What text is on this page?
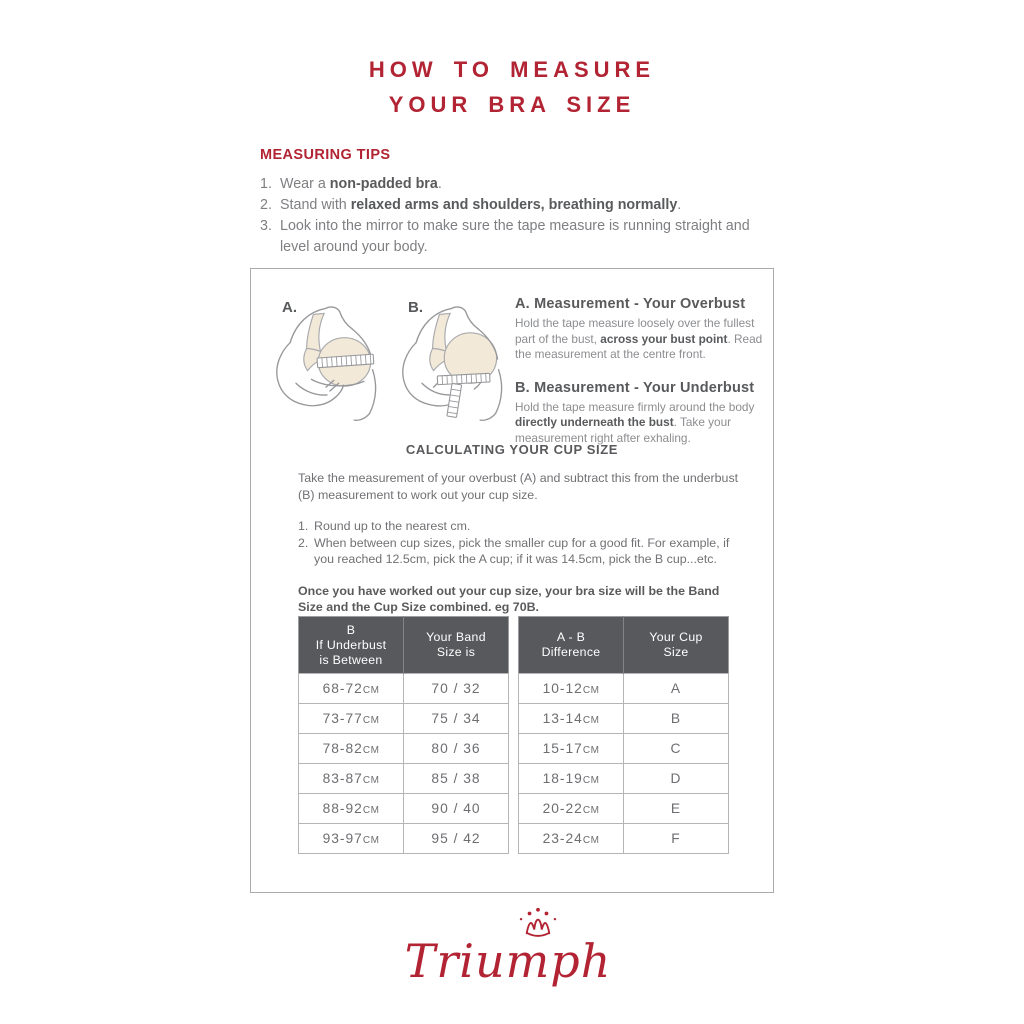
HOW TO MEASURE
YOUR BRA SIZE
MEASURING TIPS
1. Wear a non-padded bra.

2. Stand with relaxed arms and shoulders, breathing normally.

3. Look into the mirror to make sure the tape measure is running straight and level around your body.

A.	B.	A. Measurement - Your Overbust

Hold the tape measure loosely over the fullest part of the bust, across your bust point. Read the measurement at the centre front.

B. Measurement - Your Underbust

Hold the tape measure firmly around the body directly underneath the bust. Take your measurement right after exhaling.

CALCULATING YOUR CUP SIZE

Take the measurement of your overbust (A) and subtract this from the underbust (B) measurement to work out your cup size.

1. Round up to the nearest cm.

2. When between cup sizes, pick the smaller cup for a good fit. For example, if you reached 12.5cm, pick the A cup; if it was 14.5cm, pick the B cup...etc.

Once you have worked out your cup size, your bra size will be the Band Size and the Cup Size combined. eg 70B.

B
If Underbust
is Between	Your Band
Size is

68-72CM	70 / 32
73-77CM	75 / 34
78-82CM	80 / 36
83-87CM	85 / 38
88-92CM	90 / 40
93-97CM	95 / 42
A - B
Difference	Your Cup
Size

10-12CM	A
13-14CM	B
15-17CM	C
18-19CM	D
20-22CM	E
23-24CM	F
Triumph
